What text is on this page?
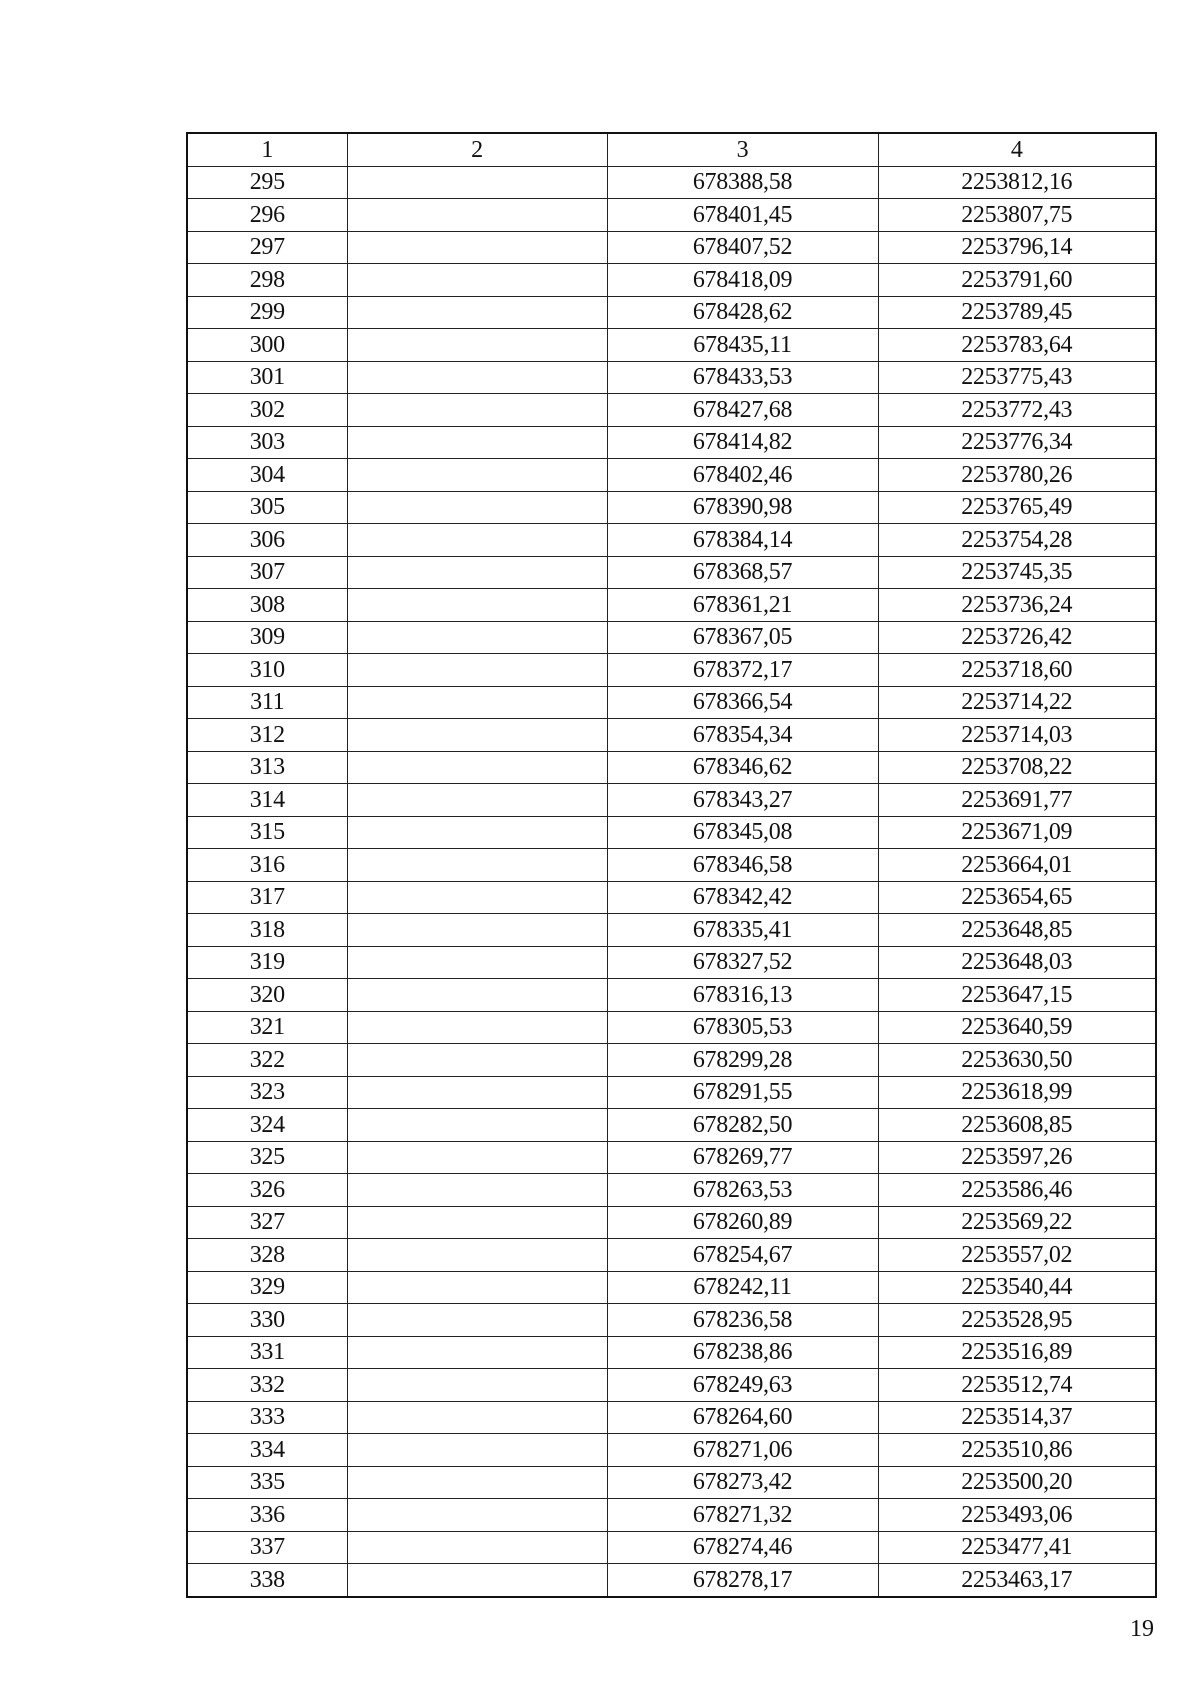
1	2	3	4
295		678388,58	2253812,16
296		678401,45	2253807,75
297		678407,52	2253796,14
298		678418,09	2253791,60
299		678428,62	2253789,45
300		678435,11	2253783,64
301		678433,53	2253775,43
302		678427,68	2253772,43
303		678414,82	2253776,34
304		678402,46	2253780,26
305		678390,98	2253765,49
306		678384,14	2253754,28
307		678368,57	2253745,35
308		678361,21	2253736,24
309		678367,05	2253726,42
310		678372,17	2253718,60
311		678366,54	2253714,22
312		678354,34	2253714,03
313		678346,62	2253708,22
314		678343,27	2253691,77
315		678345,08	2253671,09
316		678346,58	2253664,01
317		678342,42	2253654,65
318		678335,41	2253648,85
319		678327,52	2253648,03
320		678316,13	2253647,15
321		678305,53	2253640,59
322		678299,28	2253630,50
323		678291,55	2253618,99
324		678282,50	2253608,85
325		678269,77	2253597,26
326		678263,53	2253586,46
327		678260,89	2253569,22
328		678254,67	2253557,02
329		678242,11	2253540,44
330		678236,58	2253528,95
331		678238,86	2253516,89
332		678249,63	2253512,74
333		678264,60	2253514,37
334		678271,06	2253510,86
335		678273,42	2253500,20
336		678271,32	2253493,06
337		678274,46	2253477,41
338		678278,17	2253463,17
19
